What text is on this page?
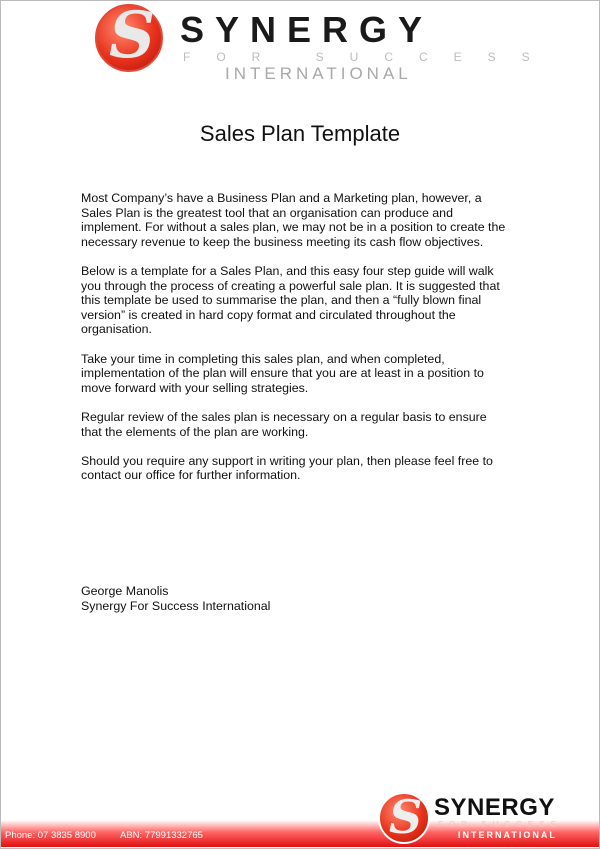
S SYNERGY
FOR SUCCESS
INTERNATIONAL
Sales Plan Template

Most Company’s have a Business Plan and a Marketing plan, however, a
Sales Plan is the greatest tool that an organisation can produce and
implement. For without a sales plan, we may not be in a position to create the
necessary revenue to keep the business meeting its cash flow objectives.

Below is a template for a Sales Plan, and this easy four step guide will walk
you through the process of creating a powerful sale plan. It is suggested that
this template be used to summarise the plan, and then a “fully blown final
version” is created in hard copy format and circulated throughout the
organisation.

Take your time in completing this sales plan, and when completed,
implementation of the plan will ensure that you are at least in a position to
move forward with your selling strategies.

Regular review of the sales plan is necessary on a regular basis to ensure
that the elements of the plan are working.

Should you require any support in writing your plan, then please feel free to
contact our office for further information.

George Manolis
Synergy For Success International
Phone: 07 3835 8900	ABN: 77991332765	S SYNERGY
FOR SUCCESS
INTERNATIONAL
